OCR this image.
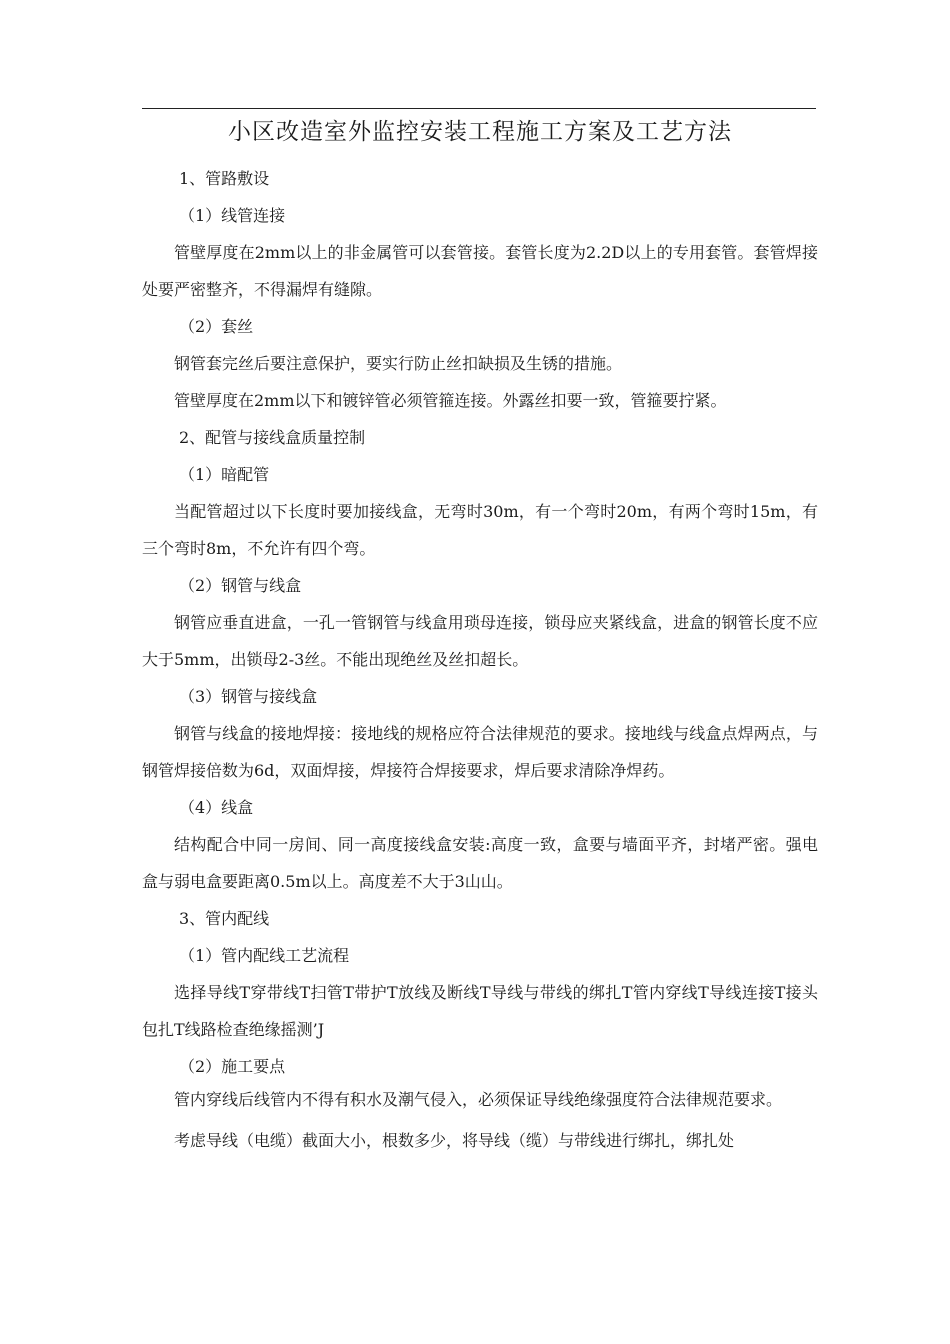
小区改造室外监控安装工程施工方案及工艺方法

1、管路敷设

（1）线管连接

管壁厚度在2mm以上的非金属管可以套管接。套管长度为2.2D以上的专用套管。套管焊接处要严密整齐，不得漏焊有缝隙。

（2）套丝

钢管套完丝后要注意保护，要实行防止丝扣缺损及生锈的措施。

管壁厚度在2mm以下和镀锌管必须管箍连接。外露丝扣要一致，管箍要拧紧。

2、配管与接线盒质量控制

（1）暗配管

当配管超过以下长度时要加接线盒，无弯时30m，有一个弯时20m，有两个弯时15m，有三个弯时8m，不允许有四个弯。

（2）钢管与线盒

钢管应垂直进盒，一孔一管钢管与线盒用琐母连接，锁母应夹紧线盒，进盒的钢管长度不应大于5mm，出锁母2-3丝。不能出现绝丝及丝扣超长。

（3）钢管与接线盒

钢管与线盒的接地焊接：接地线的规格应符合法律规范的要求。接地线与线盒点焊两点，与钢管焊接倍数为6d，双面焊接，焊接符合焊接要求，焊后要求清除净焊药。

（4）线盒

结构配合中同一房间、同一高度接线盒安装:高度一致，盒要与墙面平齐，封堵严密。强电盒与弱电盒要距离0.5m以上。高度差不大于3山山。

3、管内配线

（1）管内配线工艺流程

选择导线T穿带线T扫管T带护T放线及断线T导线与带线的绑扎T管内穿线T导线连接T接头包扎T线路检查绝缘摇测’J

（2）施工要点

管内穿线后线管内不得有积水及潮气侵入，必须保证导线绝缘强度符合法律规范要求。

考虑导线（电缆）截面大小，根数多少，将导线（缆）与带线进行绑扎，绑扎处
